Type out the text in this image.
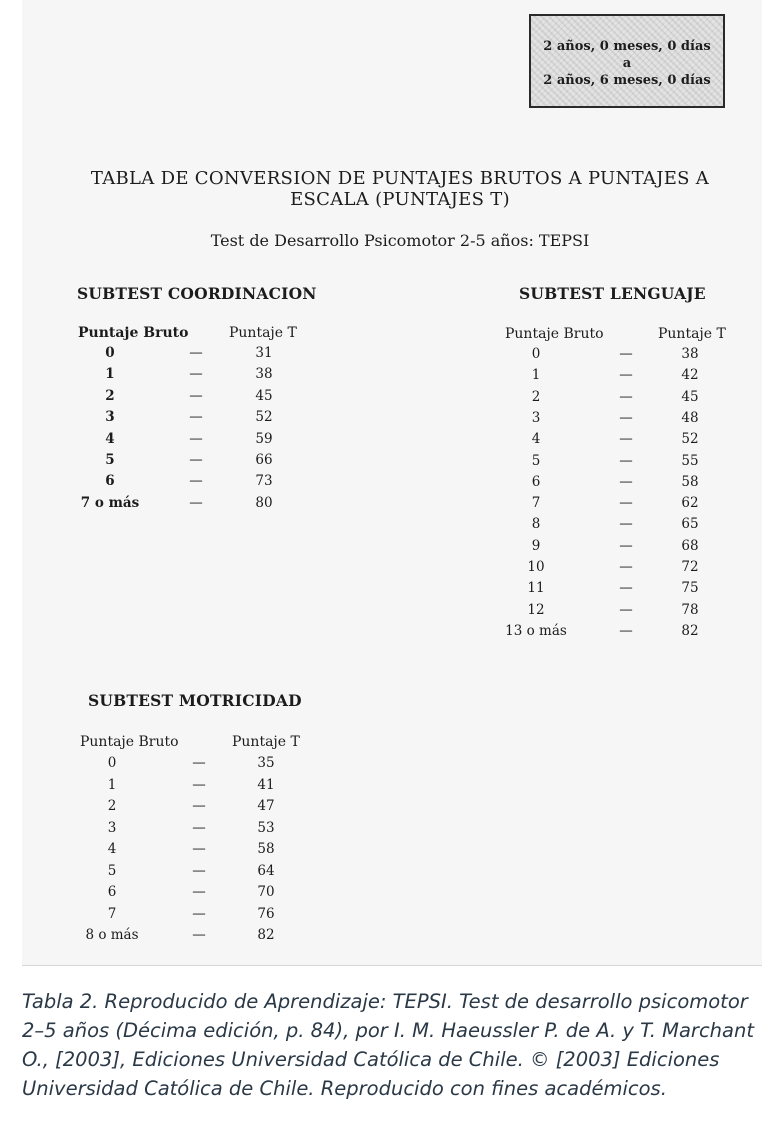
2 años, 0 meses, 0 días
a
2 años, 6 meses, 0 días
TABLA DE CONVERSION DE PUNTAJES BRUTOS A PUNTAJES A
ESCALA (PUNTAJES T)
Test de Desarrollo Psicomotor 2-5 años: TEPSI
SUBTEST COORDINACION
Puntaje Bruto	Puntaje T
0	—	31
1	—	38
2	—	45
3	—	52
4	—	59
5	—	66
6	—	73
7 o más	—	80
SUBTEST LENGUAJE
Puntaje Bruto	Puntaje T
0	—	38
1	—	42
2	—	45
3	—	48
4	—	52
5	—	55
6	—	58
7	—	62
8	—	65
9	—	68
10	—	72
11	—	75
12	—	78
13 o más	—	82
SUBTEST MOTRICIDAD
Puntaje Bruto	Puntaje T
0	—	35
1	—	41
2	—	47
3	—	53
4	—	58
5	—	64
6	—	70
7	—	76
8 o más	—	82
Tabla 2. Reproducido de Aprendizaje: TEPSI. Test de desarrollo psicomotor 2–5 años (Décima edición, p. 84), por I. M. Haeussler P. de A. y T. Marchant O., [2003], Ediciones Universidad Católica de Chile. © [2003] Ediciones Universidad Católica de Chile. Reproducido con fines académicos.
